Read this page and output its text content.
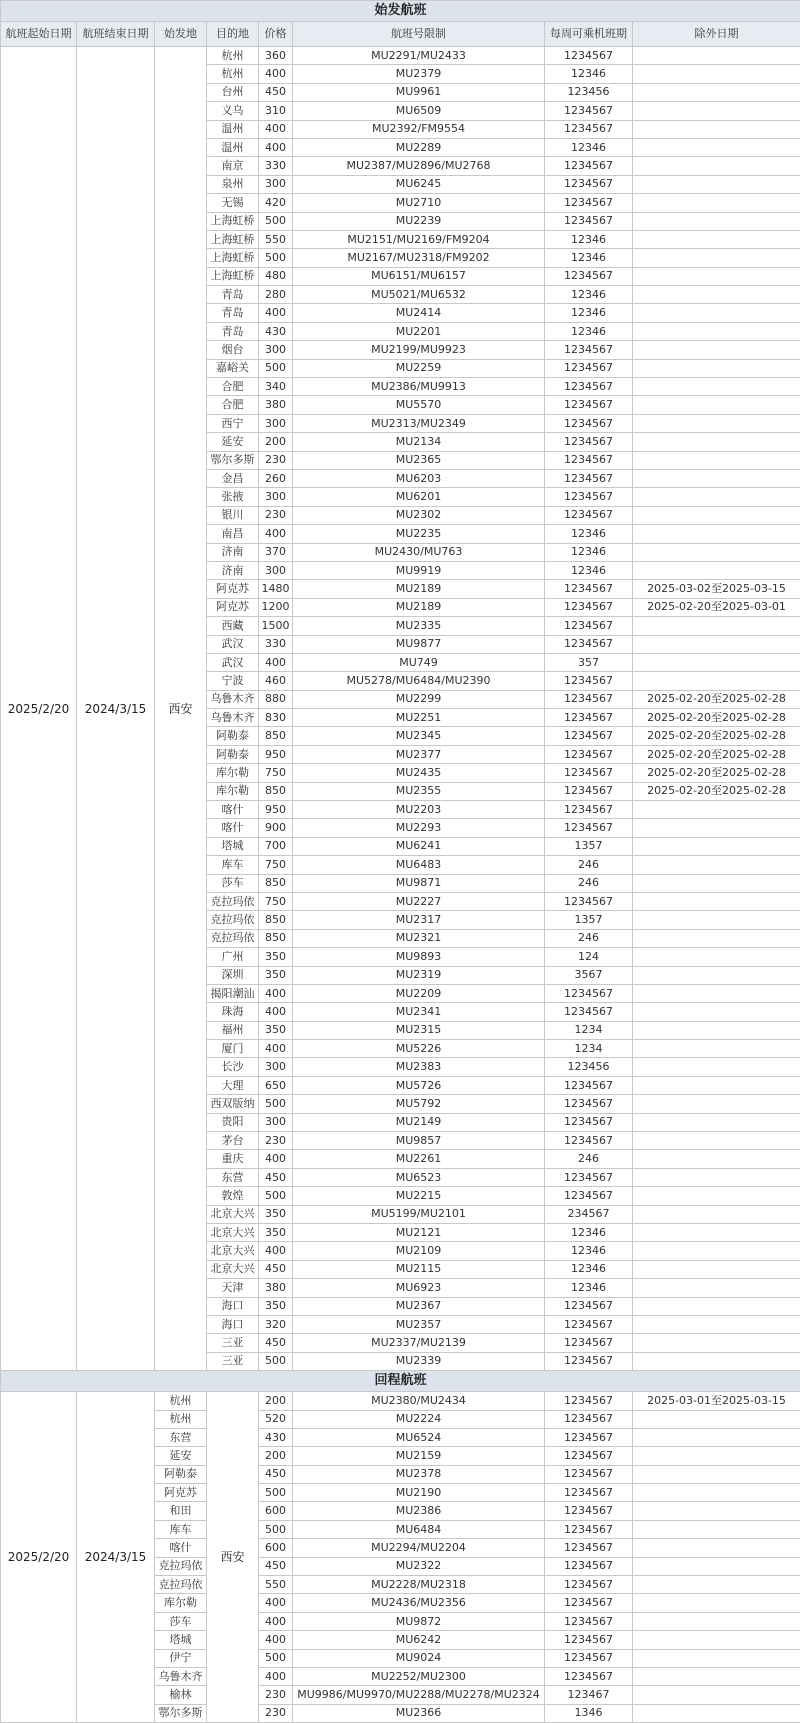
始发航班							
航班起始日期	航班结束日期	始发地	目的地	价格	航班号限制	每周可乘机班期	除外日期
2025/2/20	2024/3/15	西安	杭州	360	MU2291/MU2433	1234567	
			杭州	400	MU2379	12346	
			台州	450	MU9961	123456	
			义乌	310	MU6509	1234567	
			温州	400	MU2392/FM9554	1234567	
			温州	400	MU2289	12346	
			南京	330	MU2387/MU2896/MU2768	1234567	
			泉州	300	MU6245	1234567	
			无锡	420	MU2710	1234567	
			上海虹桥	500	MU2239	1234567	
			上海虹桥	550	MU2151/MU2169/FM9204	12346	
			上海虹桥	500	MU2167/MU2318/FM9202	12346	
			上海虹桥	480	MU6151/MU6157	1234567	
			青岛	280	MU5021/MU6532	12346	
			青岛	400	MU2414	12346	
			青岛	430	MU2201	12346	
			烟台	300	MU2199/MU9923	1234567	
			嘉峪关	500	MU2259	1234567	
			合肥	340	MU2386/MU9913	1234567	
			合肥	380	MU5570	1234567	
			西宁	300	MU2313/MU2349	1234567	
			延安	200	MU2134	1234567	
			鄂尔多斯	230	MU2365	1234567	
			金昌	260	MU6203	1234567	
			张掖	300	MU6201	1234567	
			银川	230	MU2302	1234567	
			南昌	400	MU2235	12346	
			济南	370	MU2430/MU763	12346	
			济南	300	MU9919	12346	
			阿克苏	1480	MU2189	1234567	2025-03-02至2025-03-15
			阿克苏	1200	MU2189	1234567	2025-02-20至2025-03-01
			西藏	1500	MU2335	1234567	
			武汉	330	MU9877	1234567	
			武汉	400	MU749	357	
			宁波	460	MU5278/MU6484/MU2390	1234567	
			乌鲁木齐	880	MU2299	1234567	2025-02-20至2025-02-28
			乌鲁木齐	830	MU2251	1234567	2025-02-20至2025-02-28
			阿勒泰	850	MU2345	1234567	2025-02-20至2025-02-28
			阿勒泰	950	MU2377	1234567	2025-02-20至2025-02-28
			库尔勒	750	MU2435	1234567	2025-02-20至2025-02-28
			库尔勒	850	MU2355	1234567	2025-02-20至2025-02-28
			喀什	950	MU2203	1234567	
			喀什	900	MU2293	1234567	
			塔城	700	MU6241	1357	
			库车	750	MU6483	246	
			莎车	850	MU9871	246	
			克拉玛依	750	MU2227	1234567	
			克拉玛依	850	MU2317	1357	
			克拉玛依	850	MU2321	246	
			广州	350	MU9893	124	
			深圳	350	MU2319	3567	
			揭阳潮汕	400	MU2209	1234567	
			珠海	400	MU2341	1234567	
			福州	350	MU2315	1234	
			厦门	400	MU5226	1234	
			长沙	300	MU2383	123456	
			大理	650	MU5726	1234567	
			西双版纳	500	MU5792	1234567	
			贵阳	300	MU2149	1234567	
			茅台	230	MU9857	1234567	
			重庆	400	MU2261	246	
			东营	450	MU6523	1234567	
			敦煌	500	MU2215	1234567	
			北京大兴	350	MU5199/MU2101	234567	
			北京大兴	350	MU2121	12346	
			北京大兴	400	MU2109	12346	
			北京大兴	450	MU2115	12346	
			天津	380	MU6923	12346	
			海口	350	MU2367	1234567	
			海口	320	MU2357	1234567	
			三亚	450	MU2337/MU2139	1234567	
			三亚	500	MU2339	1234567	
回程航班							
2025/2/20	2024/3/15	杭州	西安	200	MU2380/MU2434	1234567	2025-03-01至2025-03-15
		杭州		520	MU2224	1234567	
		东营		430	MU6524	1234567	
		延安		200	MU2159	1234567	
		阿勒泰		450	MU2378	1234567	
		阿克苏		500	MU2190	1234567	
		和田		600	MU2386	1234567	
		库车		500	MU6484	1234567	
		喀什		600	MU2294/MU2204	1234567	
		克拉玛依		450	MU2322	1234567	
		克拉玛依		550	MU2228/MU2318	1234567	
		库尔勒		400	MU2436/MU2356	1234567	
		莎车		400	MU9872	1234567	
		塔城		400	MU6242	1234567	
		伊宁		500	MU9024	1234567	
		乌鲁木齐		400	MU2252/MU2300	1234567	
		榆林		230	MU9986/MU9970/MU2288/MU2278/MU2324	123467	
		鄂尔多斯		230	MU2366	1346	
